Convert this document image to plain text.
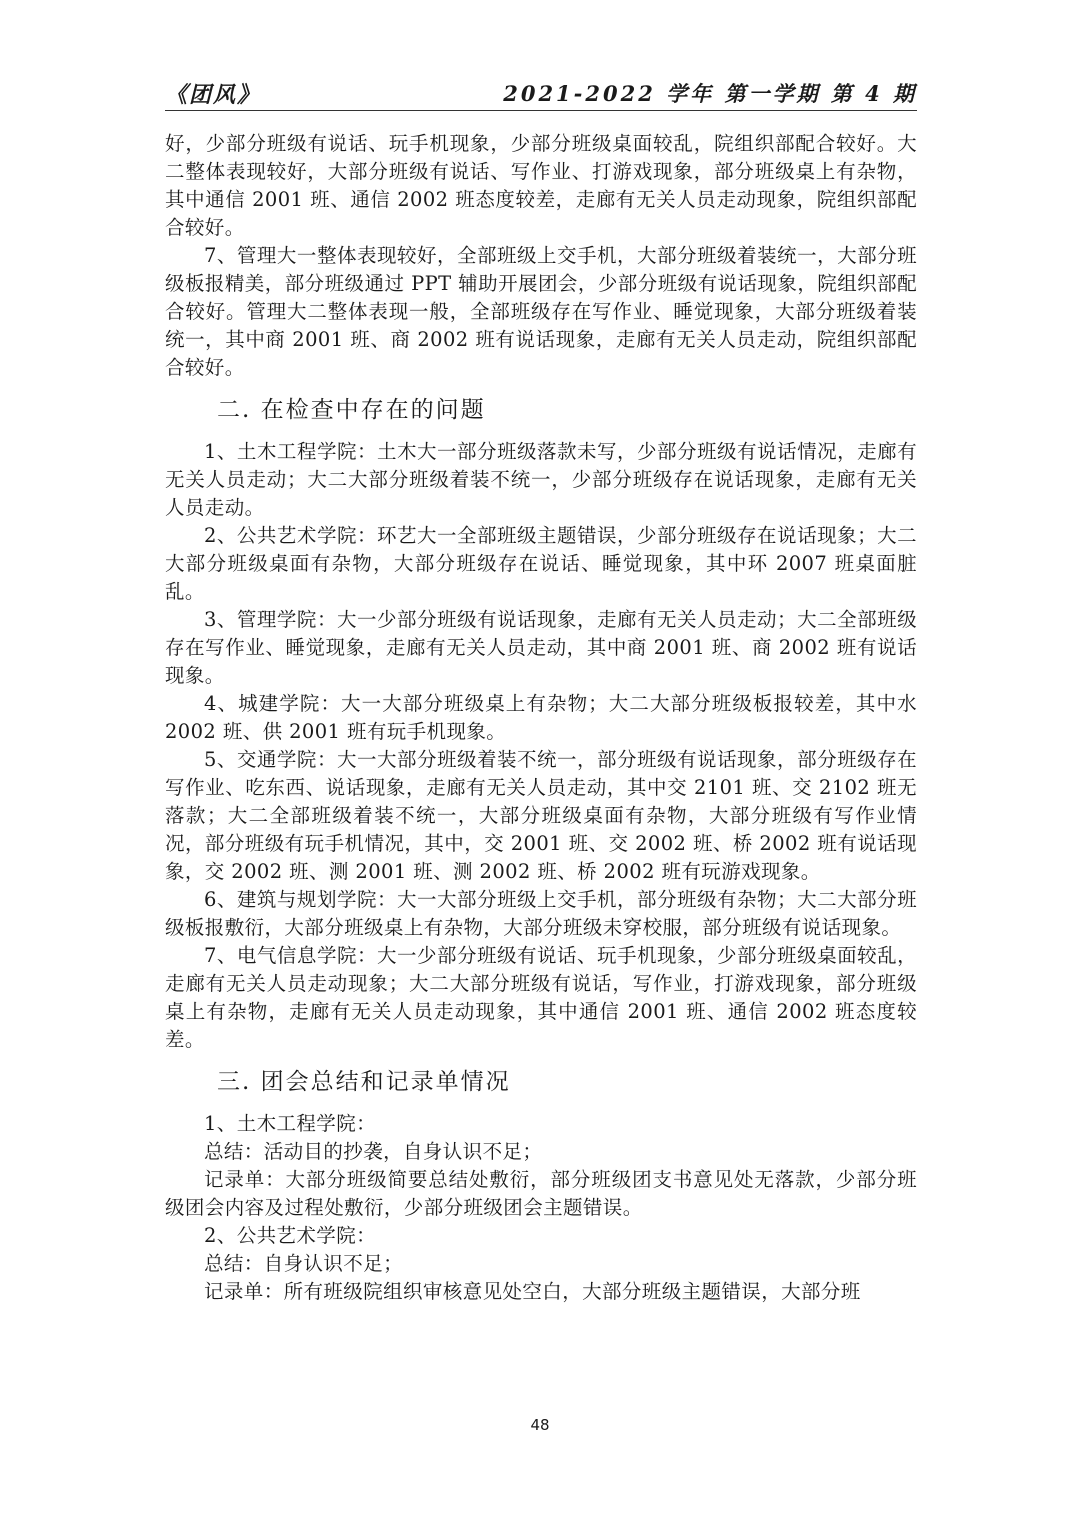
《团风》	2021-2022 学年 第一学期 第 4 期

好，少部分班级有说话、玩手机现象，少部分班级桌面较乱，院组织部配合较好。大二整体表现较好，大部分班级有说话、写作业、打游戏现象，部分班级桌上有杂物，其中通信 2001 班、通信 2002 班态度较差，走廊有无关人员走动现象，院组织部配合较好。

7、管理大一整体表现较好，全部班级上交手机，大部分班级着装统一，大部分班级板报精美，部分班级通过 PPT 辅助开展团会，少部分班级有说话现象，院组织部配合较好。管理大二整体表现一般，全部班级存在写作业、睡觉现象，大部分班级着装统一，其中商 2001 班、商 2002 班有说话现象，走廊有无关人员走动，院组织部配合较好。

二. 在检查中存在的问题

1、土木工程学院：土木大一部分班级落款未写，少部分班级有说话情况，走廊有无关人员走动；大二大部分班级着装不统一，少部分班级存在说话现象，走廊有无关人员走动。

2、公共艺术学院：环艺大一全部班级主题错误，少部分班级存在说话现象；大二大部分班级桌面有杂物，大部分班级存在说话、睡觉现象，其中环 2007 班桌面脏乱。

3、管理学院：大一少部分班级有说话现象，走廊有无关人员走动；大二全部班级存在写作业、睡觉现象，走廊有无关人员走动，其中商 2001 班、商 2002 班有说话现象。

4、城建学院：大一大部分班级桌上有杂物；大二大部分班级板报较差，其中水 2002 班、供 2001 班有玩手机现象。

5、交通学院：大一大部分班级着装不统一，部分班级有说话现象，部分班级存在写作业、吃东西、说话现象，走廊有无关人员走动，其中交 2101 班、交 2102 班无落款；大二全部班级着装不统一，大部分班级桌面有杂物，大部分班级有写作业情况，部分班级有玩手机情况，其中，交 2001 班、交 2002 班、桥 2002 班有说话现象，交 2002 班、测 2001 班、测 2002 班、桥 2002 班有玩游戏现象。

6、建筑与规划学院：大一大部分班级上交手机，部分班级有杂物；大二大部分班级板报敷衍，大部分班级桌上有杂物，大部分班级未穿校服，部分班级有说话现象。

7、电气信息学院：大一少部分班级有说话、玩手机现象，少部分班级桌面较乱，走廊有无关人员走动现象；大二大部分班级有说话，写作业，打游戏现象，部分班级桌上有杂物，走廊有无关人员走动现象，其中通信 2001 班、通信 2002 班态度较差。

三. 团会总结和记录单情况

1、土木工程学院：

总结：活动目的抄袭，自身认识不足；

记录单：大部分班级简要总结处敷衍，部分班级团支书意见处无落款，少部分班级团会内容及过程处敷衍，少部分班级团会主题错误。

2、公共艺术学院：

总结：自身认识不足；

记录单：所有班级院组织审核意见处空白，大部分班级主题错误，大部分班

48
